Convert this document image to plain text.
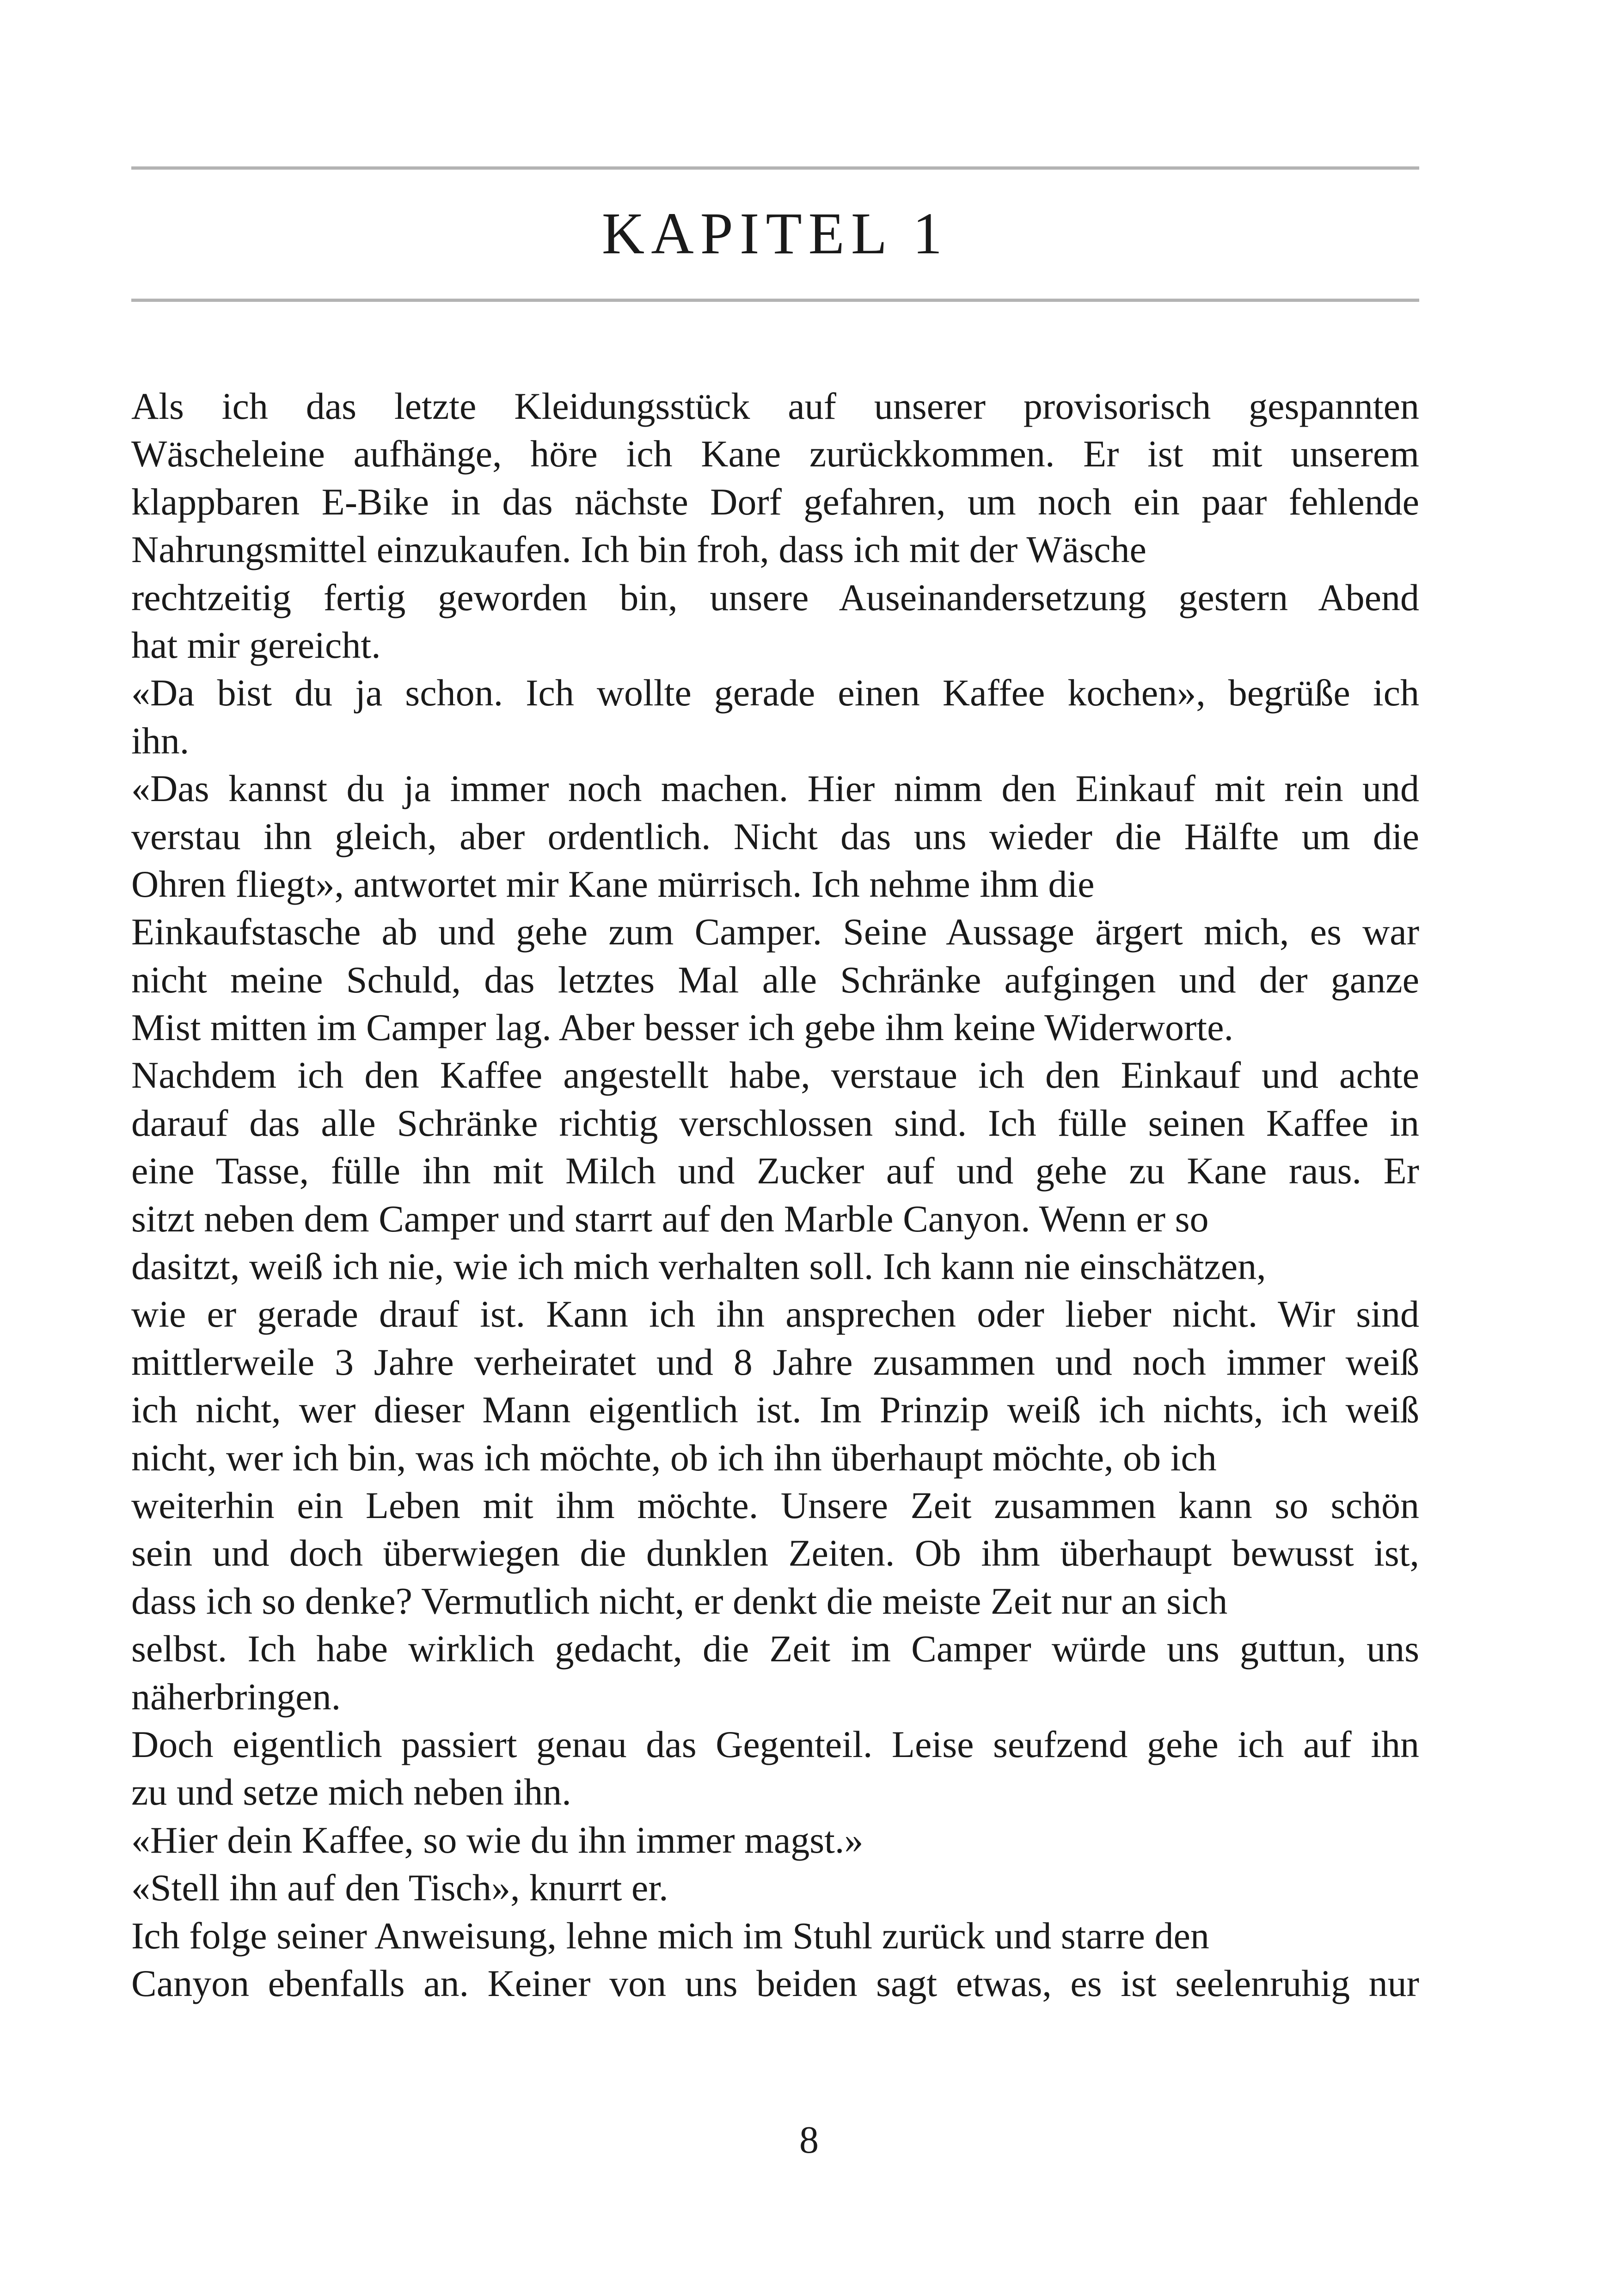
KAPITEL 1
Als ich das letzte Kleidungsstück auf unserer provisorisch gespannten
Wäscheleine aufhänge, höre ich Kane zurückkommen. Er ist mit unserem
klappbaren E-Bike in das nächste Dorf gefahren, um noch ein paar fehlende
Nahrungsmittel einzukaufen. Ich bin froh, dass ich mit der Wäsche
rechtzeitig fertig geworden bin, unsere Auseinandersetzung gestern Abend
hat mir gereicht.
«Da bist du ja schon. Ich wollte gerade einen Kaffee kochen», begrüße ich
ihn.
«Das kannst du ja immer noch machen. Hier nimm den Einkauf mit rein und
verstau ihn gleich, aber ordentlich. Nicht das uns wieder die Hälfte um die
Ohren fliegt», antwortet mir Kane mürrisch. Ich nehme ihm die
Einkaufstasche ab und gehe zum Camper. Seine Aussage ärgert mich, es war
nicht meine Schuld, das letztes Mal alle Schränke aufgingen und der ganze
Mist mitten im Camper lag. Aber besser ich gebe ihm keine Widerworte.
Nachdem ich den Kaffee angestellt habe, verstaue ich den Einkauf und achte
darauf das alle Schränke richtig verschlossen sind. Ich fülle seinen Kaffee in
eine Tasse, fülle ihn mit Milch und Zucker auf und gehe zu Kane raus. Er
sitzt neben dem Camper und starrt auf den Marble Canyon. Wenn er so
dasitzt, weiß ich nie, wie ich mich verhalten soll. Ich kann nie einschätzen,
wie er gerade drauf ist. Kann ich ihn ansprechen oder lieber nicht. Wir sind
mittlerweile 3 Jahre verheiratet und 8 Jahre zusammen und noch immer weiß
ich nicht, wer dieser Mann eigentlich ist. Im Prinzip weiß ich nichts, ich weiß
nicht, wer ich bin, was ich möchte, ob ich ihn überhaupt möchte, ob ich
weiterhin ein Leben mit ihm möchte. Unsere Zeit zusammen kann so schön
sein und doch überwiegen die dunklen Zeiten. Ob ihm überhaupt bewusst ist,
dass ich so denke? Vermutlich nicht, er denkt die meiste Zeit nur an sich
selbst. Ich habe wirklich gedacht, die Zeit im Camper würde uns guttun, uns
näherbringen.
Doch eigentlich passiert genau das Gegenteil. Leise seufzend gehe ich auf ihn
zu und setze mich neben ihn.
«Hier dein Kaffee, so wie du ihn immer magst.»
«Stell ihn auf den Tisch», knurrt er.
Ich folge seiner Anweisung, lehne mich im Stuhl zurück und starre den
Canyon ebenfalls an. Keiner von uns beiden sagt etwas, es ist seelenruhig nur
8
